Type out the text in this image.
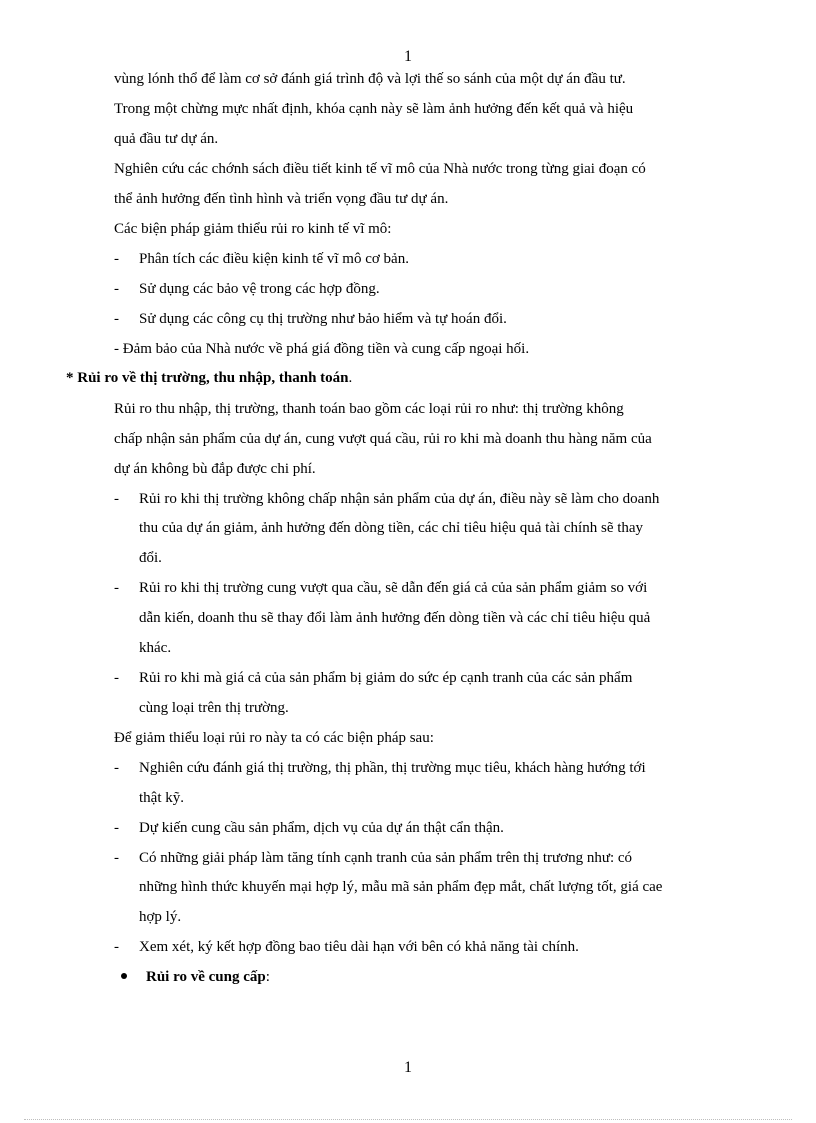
1
vùng lónh thổ để làm cơ sở đánh giá trình độ và lợi thế so sánh của một dự án đầu tư.
Trong một chừng mực nhất định, khóa cạnh này sẽ làm ảnh hưởng đến kết quả và hiệu
quả đầu tư dự án.
Nghiên cứu các chớnh sách điều tiết kinh tế vĩ mô của Nhà nước trong từng giai đoạn có
thể ảnh hưởng đến tình hình và triển vọng đầu tư dự án.
Các biện pháp giảm thiểu rủi ro kinh tế vĩ mô:
- Phân tích các điều kiện kinh tế vĩ mô cơ bản.
- Sử dụng các bảo vệ trong các hợp đồng.
- Sử dụng các công cụ thị trường như bảo hiểm và tự hoán đổi.
- Đảm bảo của Nhà nước về phá giá đồng tiền và cung cấp ngoại hối.
* Rủi ro về thị trường, thu nhập, thanh toán.
Rủi ro thu nhập, thị trường, thanh toán bao gồm các loại rủi ro như: thị trường không
chấp nhận sản phẩm của dự án, cung vượt quá cầu, rủi ro khi mà doanh thu hàng năm của
dự án không bù đắp được chi phí.
- Rủi ro khi thị trường không chấp nhận sản phẩm của dự án, điều này sẽ làm cho doanh
thu của dự án giảm, ảnh hưởng đến dòng tiền, các chỉ tiêu hiệu quả tài chính sẽ thay
đổi.
- Rủi ro khi thị trường cung vượt qua cầu, sẽ dẫn đến giá cả của sản phẩm giảm so với
dẫn kiến, doanh thu sẽ thay đổi làm ảnh hưởng đến dòng tiền và các chỉ tiêu hiệu quả
khác.
- Rủi ro khi mà giá cả của sản phẩm bị giảm do sức ép cạnh tranh của các sản phẩm
cùng loại trên thị trường.
Để giảm thiểu loại rủi ro này ta có các biện pháp sau:
- Nghiên cứu đánh giá thị trường, thị phần, thị trường mục tiêu, khách hàng hướng tới
thật kỹ.
- Dự kiến cung cầu sản phẩm, dịch vụ của dự án thật cẩn thận.
- Có những giải pháp làm tăng tính cạnh tranh của sản phẩm trên thị trương như: có
những hình thức khuyến mại hợp lý, mẫu mã sản phẩm đẹp mắt, chất lượng tốt, giá cae
hợp lý.
- Xem xét, ký kết hợp đồng bao tiêu dài hạn với bên có khả năng tài chính.
Rủi ro về cung cấp:
1
